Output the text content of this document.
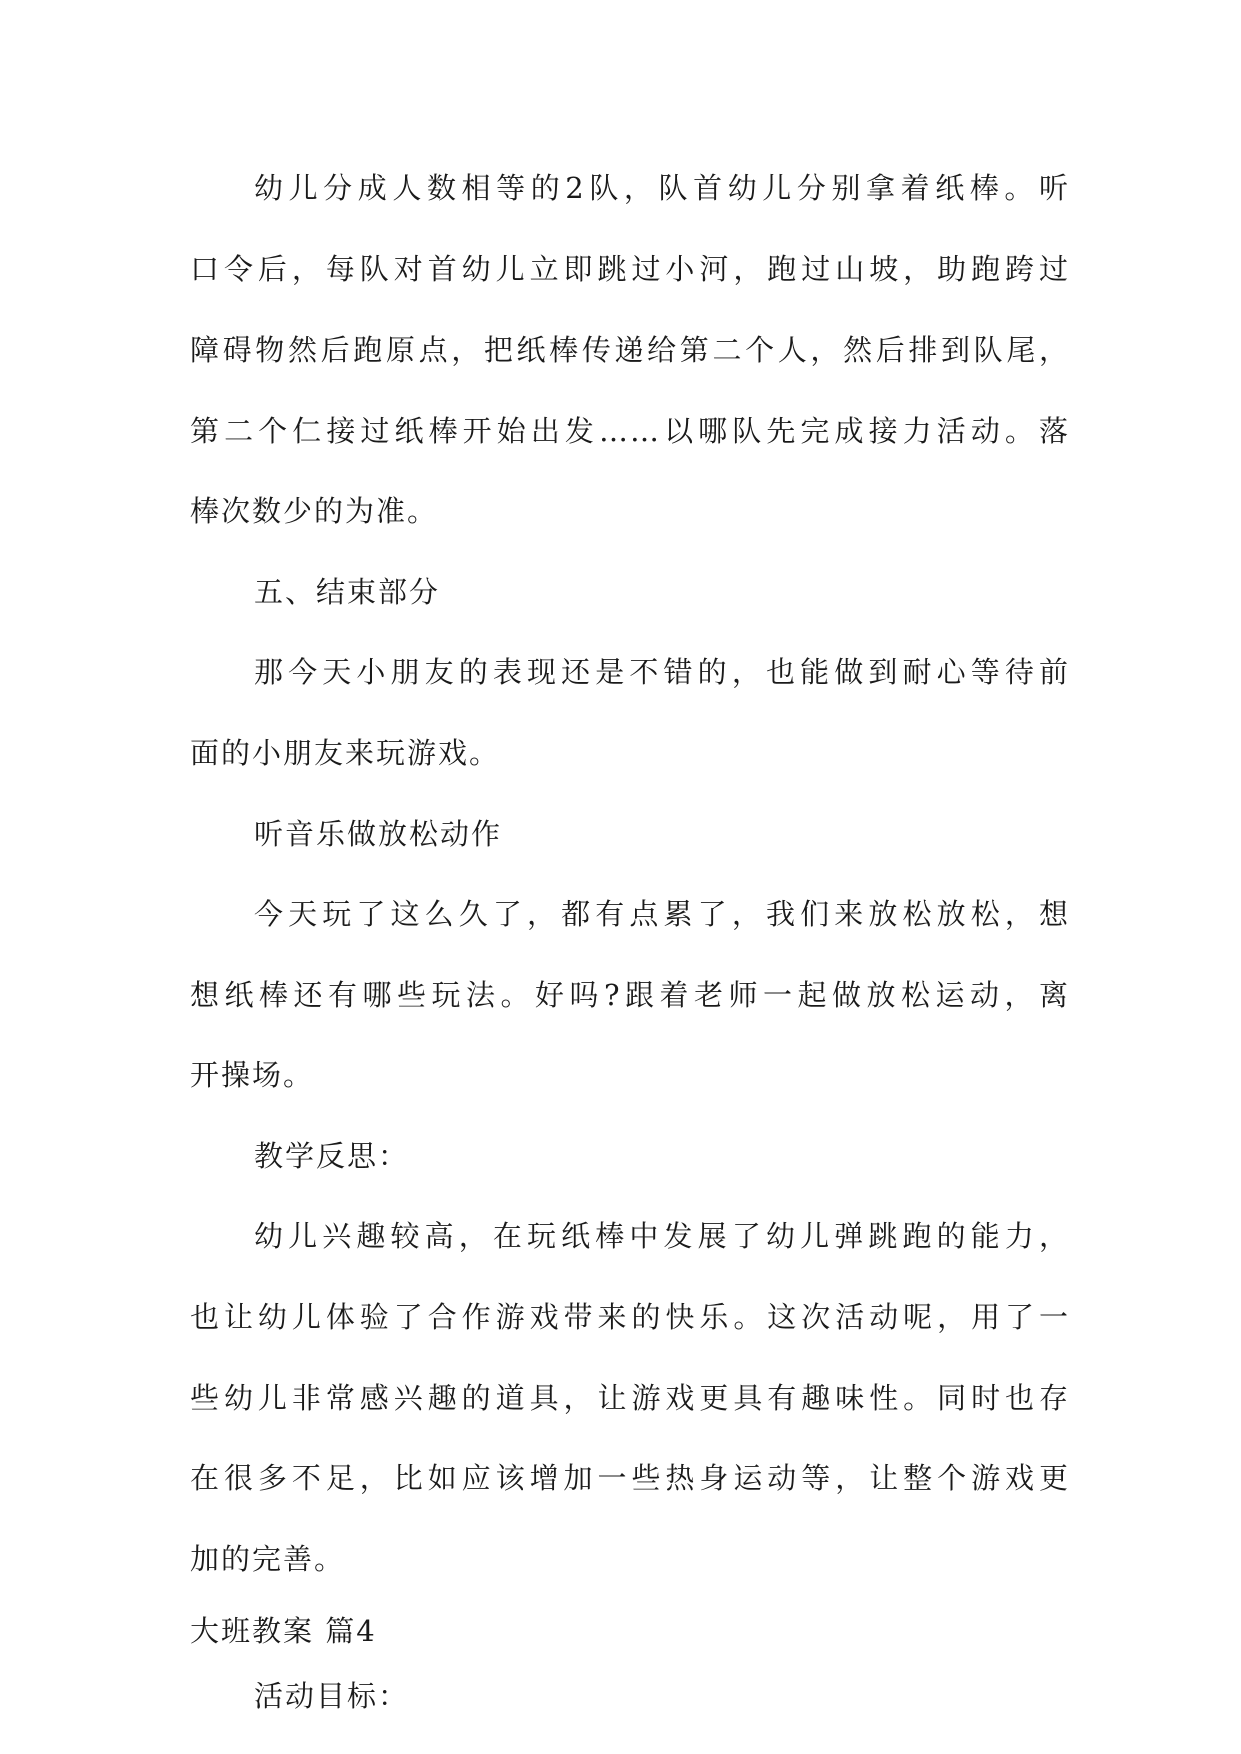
幼儿分成人数相等的2队，队首幼儿分别拿着纸棒。听
口令后，每队对首幼儿立即跳过小河，跑过山坡，助跑跨过
障碍物然后跑原点，把纸棒传递给第二个人，然后排到队尾，
第二个仁接过纸棒开始出发……以哪队先完成接力活动。落
棒次数少的为准。
五、结束部分
那今天小朋友的表现还是不错的，也能做到耐心等待前
面的小朋友来玩游戏。
听音乐做放松动作
今天玩了这么久了，都有点累了，我们来放松放松，想
想纸棒还有哪些玩法。好吗?跟着老师一起做放松运动，离
开操场。
教学反思：
幼儿兴趣较高，在玩纸棒中发展了幼儿弹跳跑的能力，
也让幼儿体验了合作游戏带来的快乐。这次活动呢，用了一
些幼儿非常感兴趣的道具，让游戏更具有趣味性。同时也存
在很多不足，比如应该增加一些热身运动等，让整个游戏更
加的完善。
大班教案 篇4
活动目标：
